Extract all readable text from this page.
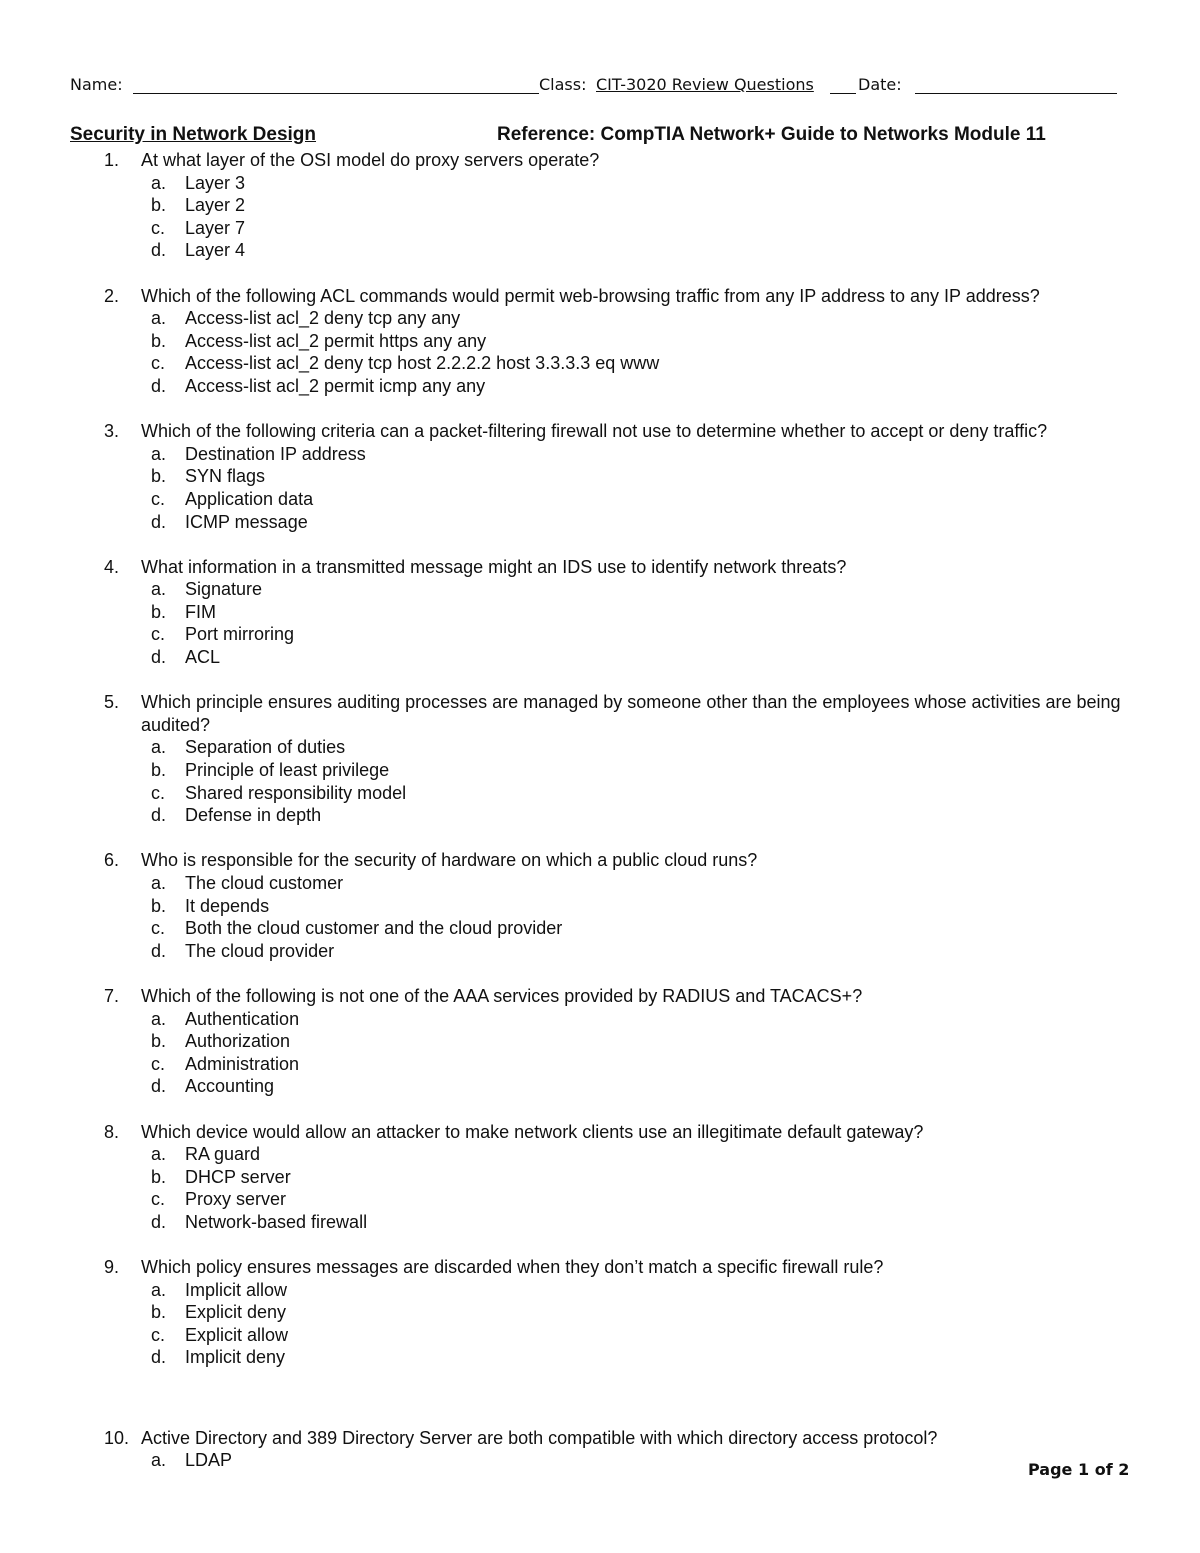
Name:	Class: CIT-3020 Review Questions	Date:
Security in Network Design	Reference: CompTIA Network+ Guide to Networks Module 11
1. At what layer of the OSI model do proxy servers operate?
a. Layer 3
b. Layer 2
c. Layer 7
d. Layer 4
2. Which of the following ACL commands would permit web-browsing traffic from any IP address to any IP address?
a. Access-list acl_2 deny tcp any any
b. Access-list acl_2 permit https any any
c. Access-list acl_2 deny tcp host 2.2.2.2 host 3.3.3.3 eq www
d. Access-list acl_2 permit icmp any any
3. Which of the following criteria can a packet-filtering firewall not use to determine whether to accept or deny traffic?
a. Destination IP address
b. SYN flags
c. Application data
d. ICMP message
4. What information in a transmitted message might an IDS use to identify network threats?
a. Signature
b. FIM
c. Port mirroring
d. ACL
5. Which principle ensures auditing processes are managed by someone other than the employees whose activities are being audited?
a. Separation of duties
b. Principle of least privilege
c. Shared responsibility model
d. Defense in depth
6. Who is responsible for the security of hardware on which a public cloud runs?
a. The cloud customer
b. It depends
c. Both the cloud customer and the cloud provider
d. The cloud provider
7. Which of the following is not one of the AAA services provided by RADIUS and TACACS+?
a. Authentication
b. Authorization
c. Administration
d. Accounting
8. Which device would allow an attacker to make network clients use an illegitimate default gateway?
a. RA guard
b. DHCP server
c. Proxy server
d. Network-based firewall
9. Which policy ensures messages are discarded when they don’t match a specific firewall rule?
a. Implicit allow
b. Explicit deny
c. Explicit allow
d. Implicit deny
10. Active Directory and 389 Directory Server are both compatible with which directory access protocol?
a. LDAP	Page 1 of 2
